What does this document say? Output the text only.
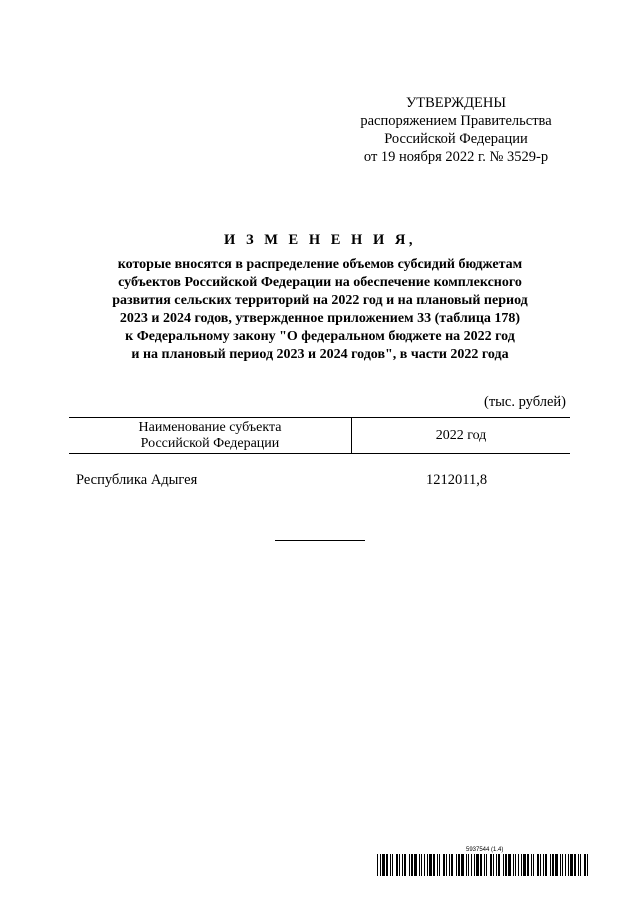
УТВЕРЖДЕНЫ
распоряжением Правительства
Российской Федерации
от 19 ноября 2022 г. № 3529-р
И З М Е Н Е Н И Я,
которые вносятся в распределение объемов субсидий бюджетам
субъектов Российской Федерации на обеспечение комплексного
развития сельских территорий на 2022 год и на плановый период
2023 и 2024 годов, утвержденное приложением 33 (таблица 178)
к Федеральному закону "О федеральном бюджете на 2022 год
и на плановый период 2023 и 2024 годов", в части 2022 года
(тыс. рублей)
Наименование субъекта
Российской Федерации
2022 год
Республика Адыгея	1212011,8
5937544 (1.4)
